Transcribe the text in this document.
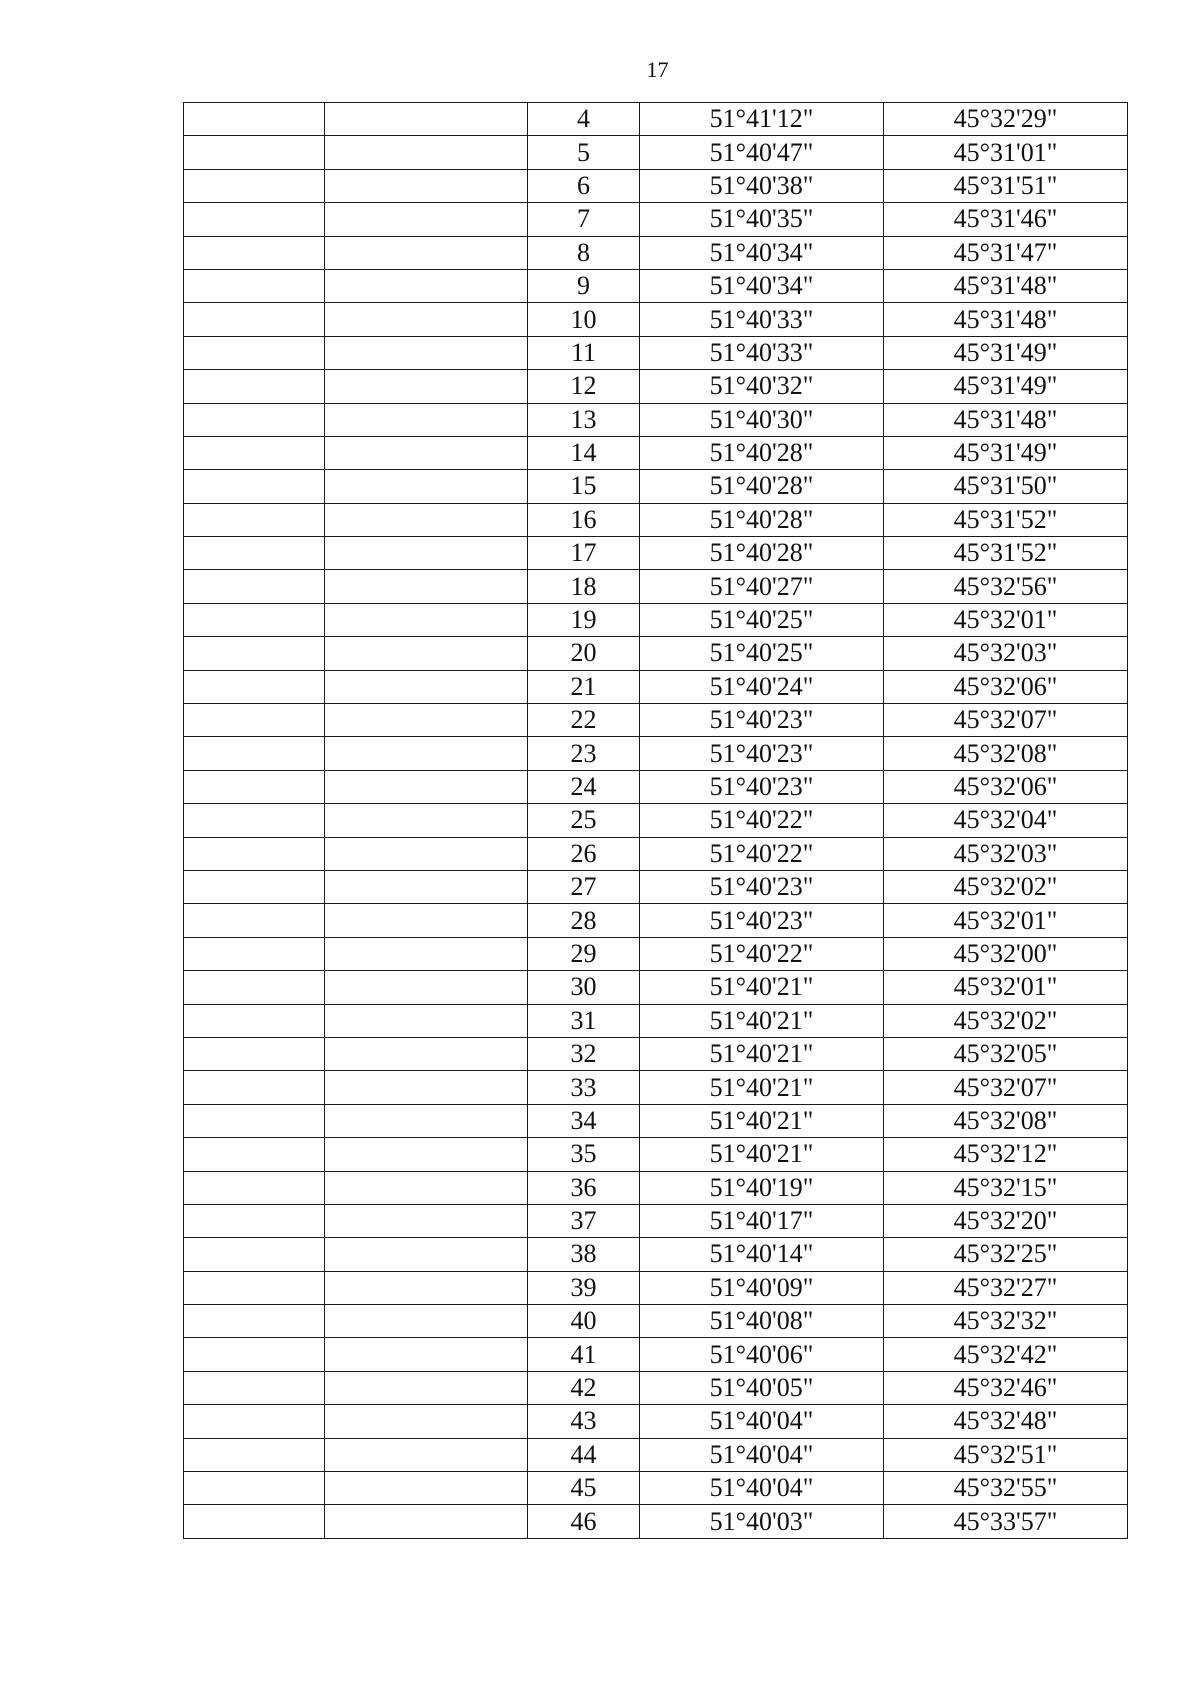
17
		4	51°41'12"	45°32'29"
		5	51°40'47"	45°31'01"
		6	51°40'38"	45°31'51"
		7	51°40'35"	45°31'46"
		8	51°40'34"	45°31'47"
		9	51°40'34"	45°31'48"
		10	51°40'33"	45°31'48"
		11	51°40'33"	45°31'49"
		12	51°40'32"	45°31'49"
		13	51°40'30"	45°31'48"
		14	51°40'28"	45°31'49"
		15	51°40'28"	45°31'50"
		16	51°40'28"	45°31'52"
		17	51°40'28"	45°31'52"
		18	51°40'27"	45°32'56"
		19	51°40'25"	45°32'01"
		20	51°40'25"	45°32'03"
		21	51°40'24"	45°32'06"
		22	51°40'23"	45°32'07"
		23	51°40'23"	45°32'08"
		24	51°40'23"	45°32'06"
		25	51°40'22"	45°32'04"
		26	51°40'22"	45°32'03"
		27	51°40'23"	45°32'02"
		28	51°40'23"	45°32'01"
		29	51°40'22"	45°32'00"
		30	51°40'21"	45°32'01"
		31	51°40'21"	45°32'02"
		32	51°40'21"	45°32'05"
		33	51°40'21"	45°32'07"
		34	51°40'21"	45°32'08"
		35	51°40'21"	45°32'12"
		36	51°40'19"	45°32'15"
		37	51°40'17"	45°32'20"
		38	51°40'14"	45°32'25"
		39	51°40'09"	45°32'27"
		40	51°40'08"	45°32'32"
		41	51°40'06"	45°32'42"
		42	51°40'05"	45°32'46"
		43	51°40'04"	45°32'48"
		44	51°40'04"	45°32'51"
		45	51°40'04"	45°32'55"
		46	51°40'03"	45°33'57"
